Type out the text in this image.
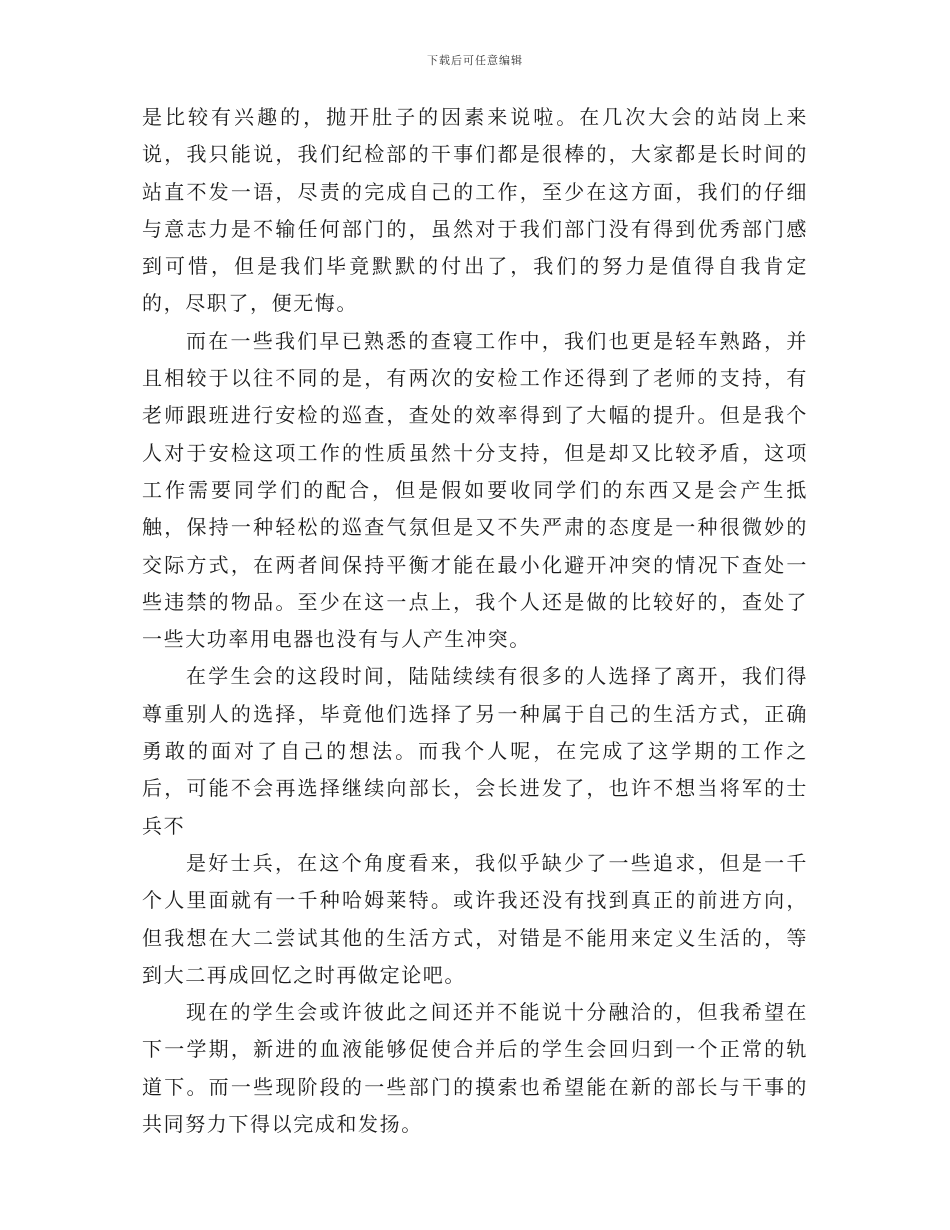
下载后可任意编辑

是比较有兴趣的，抛开肚子的因素来说啦。在几次大会的站岗上来说，我只能说，我们纪检部的干事们都是很棒的，大家都是长时间的站直不发一语，尽责的完成自己的工作，至少在这方面，我们的仔细与意志力是不输任何部门的，虽然对于我们部门没有得到优秀部门感到可惜，但是我们毕竟默默的付出了，我们的努力是值得自我肯定的，尽职了，便无悔。

而在一些我们早已熟悉的查寝工作中，我们也更是轻车熟路，并且相较于以往不同的是，有两次的安检工作还得到了老师的支持，有老师跟班进行安检的巡查，查处的效率得到了大幅的提升。但是我个人对于安检这项工作的性质虽然十分支持，但是却又比较矛盾，这项工作需要同学们的配合，但是假如要收同学们的东西又是会产生抵触，保持一种轻松的巡查气氛但是又不失严肃的态度是一种很微妙的交际方式，在两者间保持平衡才能在最小化避开冲突的情况下查处一些违禁的物品。至少在这一点上，我个人还是做的比较好的，查处了一些大功率用电器也没有与人产生冲突。

在学生会的这段时间，陆陆续续有很多的人选择了离开，我们得尊重别人的选择，毕竟他们选择了另一种属于自己的生活方式，正确勇敢的面对了自己的想法。而我个人呢，在完成了这学期的工作之后，可能不会再选择继续向部长，会长进发了，也许不想当将军的士兵不

是好士兵，在这个角度看来，我似乎缺少了一些追求，但是一千个人里面就有一千种哈姆莱特。或许我还没有找到真正的前进方向，但我想在大二尝试其他的生活方式，对错是不能用来定义生活的，等到大二再成回忆之时再做定论吧。

现在的学生会或许彼此之间还并不能说十分融洽的，但我希望在下一学期，新进的血液能够促使合并后的学生会回归到一个正常的轨道下。而一些现阶段的一些部门的摸索也希望能在新的部长与干事的共同努力下得以完成和发扬。
